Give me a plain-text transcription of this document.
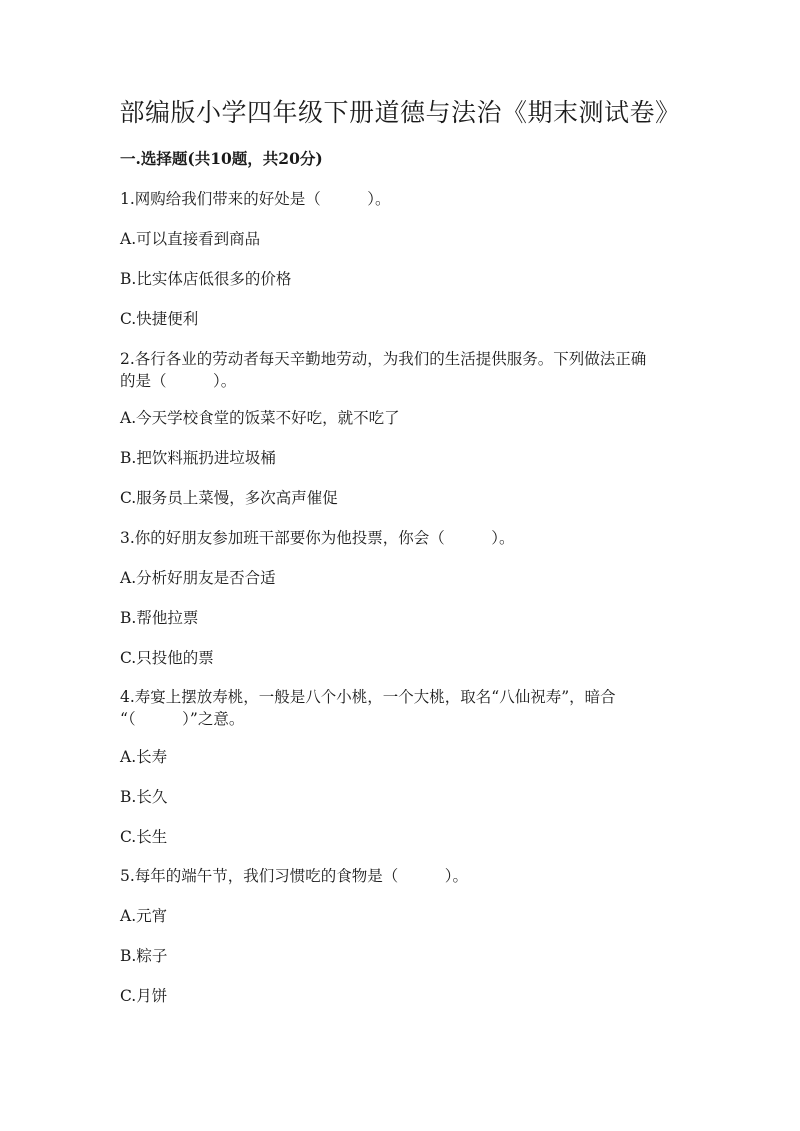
部编版小学四年级下册道德与法治《期末测试卷》
一.选择题(共10题，共20分)
1.网购给我们带来的好处是（　　　）。
A.可以直接看到商品
B.比实体店低很多的价格
C.快捷便利
2.各行各业的劳动者每天辛勤地劳动，为我们的生活提供服务。下列做法正确
的是（　　　）。
A.今天学校食堂的饭菜不好吃，就不吃了
B.把饮料瓶扔进垃圾桶
C.服务员上菜慢，多次高声催促
3.你的好朋友参加班干部要你为他投票，你会（　　　）。
A.分析好朋友是否合适
B.帮他拉票
C.只投他的票
4.寿宴上摆放寿桃，一般是八个小桃，一个大桃，取名“八仙祝寿”，暗合
“（　　　）”之意。
A.长寿
B.长久
C.长生
5.每年的端午节，我们习惯吃的食物是（　　　）。
A.元宵
B.粽子
C.月饼
